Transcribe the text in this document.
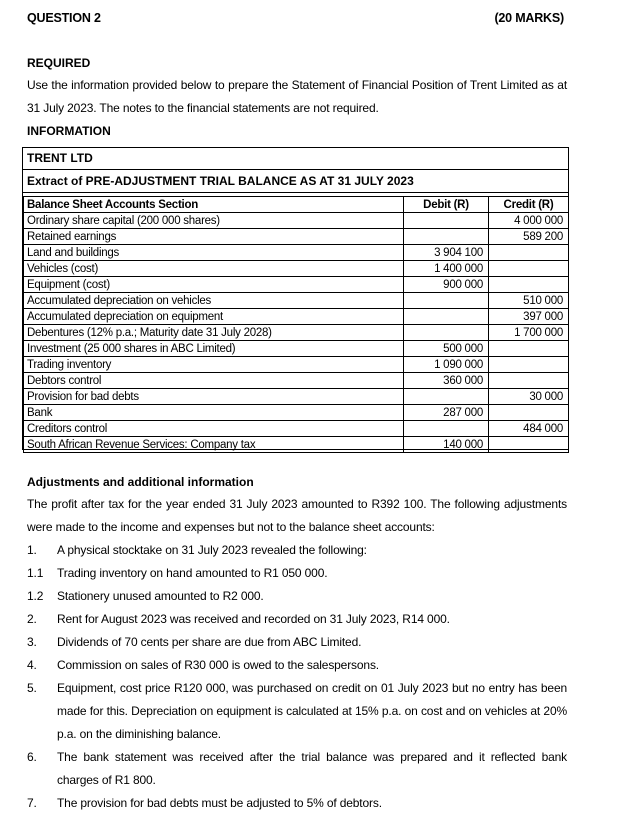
QUESTION 2	(20 MARKS)
REQUIRED
Use the information provided below to prepare the Statement of Financial Position of Trent Limited as at 31 July 2023. The notes to the financial statements are not required.
INFORMATION
TRENT LTD
Extract of PRE-ADJUSTMENT TRIAL BALANCE AS AT 31 JULY 2023
Balance Sheet Accounts Section	Debit (R)	Credit (R)
Ordinary share capital (200 000 shares)		4 000 000
Retained earnings		589 200
Land and buildings	3 904 100	
Vehicles (cost)	1 400 000	
Equipment (cost)	900 000	
Accumulated depreciation on vehicles		510 000
Accumulated depreciation on equipment		397 000
Debentures (12% p.a.; Maturity date 31 July 2028)		1 700 000
Investment (25 000 shares in ABC Limited)	500 000	
Trading inventory	1 090 000	
Debtors control	360 000	
Provision for bad debts		30 000
Bank	287 000	
Creditors control		484 000
South African Revenue Services: Company tax	140 000	
Adjustments and additional information
The profit after tax for the year ended 31 July 2023 amounted to R392 100. The following adjustments were made to the income and expenses but not to the balance sheet accounts:
1. A physical stocktake on 31 July 2023 revealed the following:
1.1 Trading inventory on hand amounted to R1 050 000.
1.2 Stationery unused amounted to R2 000.
2. Rent for August 2023 was received and recorded on 31 July 2023, R14 000.
3. Dividends of 70 cents per share are due from ABC Limited.
4. Commission on sales of R30 000 is owed to the salespersons.
5. Equipment, cost price R120 000, was purchased on credit on 01 July 2023 but no entry has been made for this. Depreciation on equipment is calculated at 15% p.a. on cost and on vehicles at 20% p.a. on the diminishing balance.
6. The bank statement was received after the trial balance was prepared and it reflected bank charges of R1 800.
7. The provision for bad debts must be adjusted to 5% of debtors.
